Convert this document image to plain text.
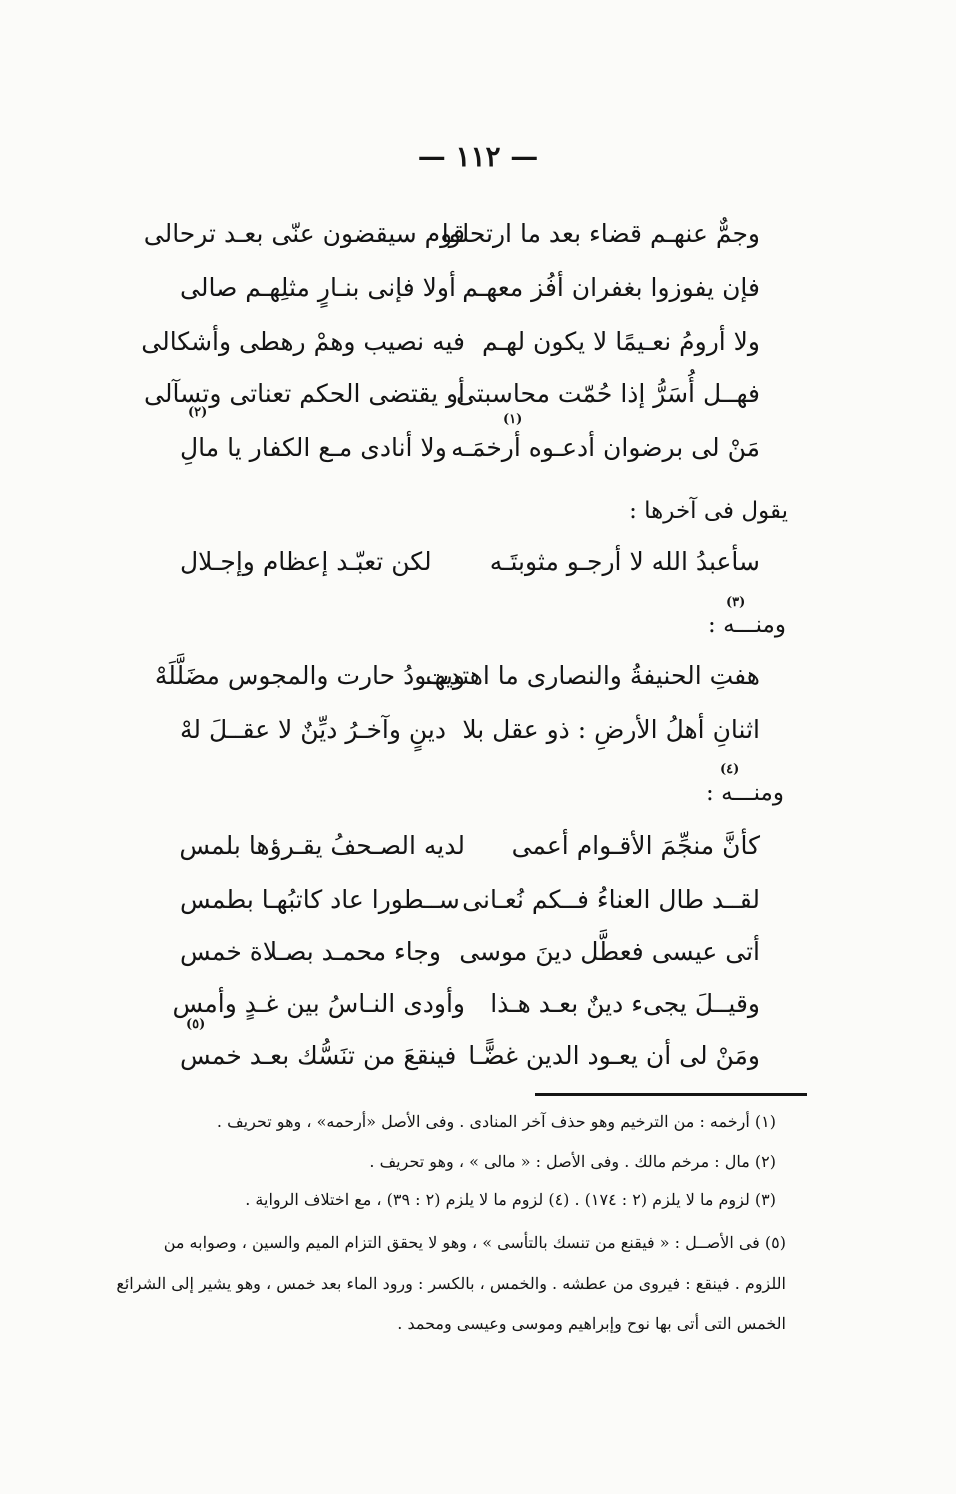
— ١١٢ —
وجمٌّ عنهـم قضاء بعد ما ارتحلوا
قوم سيقضون عنّى بعـد ترحالى
فإن يفوزوا بغفران أفُز معهـم
أولا فإنى بنـارٍ مثلِهـم صالى
ولا أرومُ نعـيمًا لا يكون لهـم
فيه نصيب وهمْ رهطى وأشكالى
فهــل أُسَرُّ إذا حُمّت محاسبتى
أو يقتضى الحكم تعناتى وتسآلى
(١)
(٢)
مَنْ لى برضوان أدعـوه أرخمَـه
ولا أنادى مـع الكفار يا مالِ
يقول فى آخرها :
سأعبدُ الله لا أرجـو مثوبتَـه
لكن تعبّـد إعظام وإجـلال
(٣)
ومنـــه :
هفتِ الحنيفةُ والنصارى ما اهتدت
ويهـودُ حارت والمجوس مضَلَّلَهْ
اثنانِ أهلُ الأرضِ : ذو عقل بلا
دينٍ وآخـرُ ديِّنٌ لا عقــلَ لهْ
(٤)
ومنـــه :
كأنَّ منجِّمَ الأقـوام أعمى
لديه الصـحفُ يقـرؤها بلمس
لقــد طال العناءُ فــكم نُعـانى
ســطورا عاد كاتبُهـا بطمس
أتى عيسى فعطَّل دينَ موسى
وجاء محمـد بصـلاة خمس
وقيــلَ يجىء دينٌ بعـد هـذا
وأودى النـاسُ بين غـدٍ وأمس
(٥)
ومَنْ لى أن يعـود الدين غضًّـا
فينقعَ من تنَسُّك بعـد خمس
(١) أرخمه : من الترخيم وهو حذف آخر المنادى . وفى الأصل «أرحمه» ، وهو تحريف .
(٢) مال : مرخم مالك . وفى الأصل : « مالى » ، وهو تحريف .
(٣) لزوم ما لا يلزم (٢ : ١٧٤) . (٤) لزوم ما لا يلزم (٢ : ٣٩) ، مع اختلاف الرواية .
(٥) فى الأصــل : « فيقنع من تنسك بالتأسى » ، وهو لا يحقق التزام الميم والسين ، وصوابه من
اللزوم . فينقع : فيروى من عطشه . والخمس ، بالكسر : ورود الماء بعد خمس ، وهو يشير إلى الشرائع
الخمس التى أتى بها نوح وإبراهيم وموسى وعيسى ومحمد .
